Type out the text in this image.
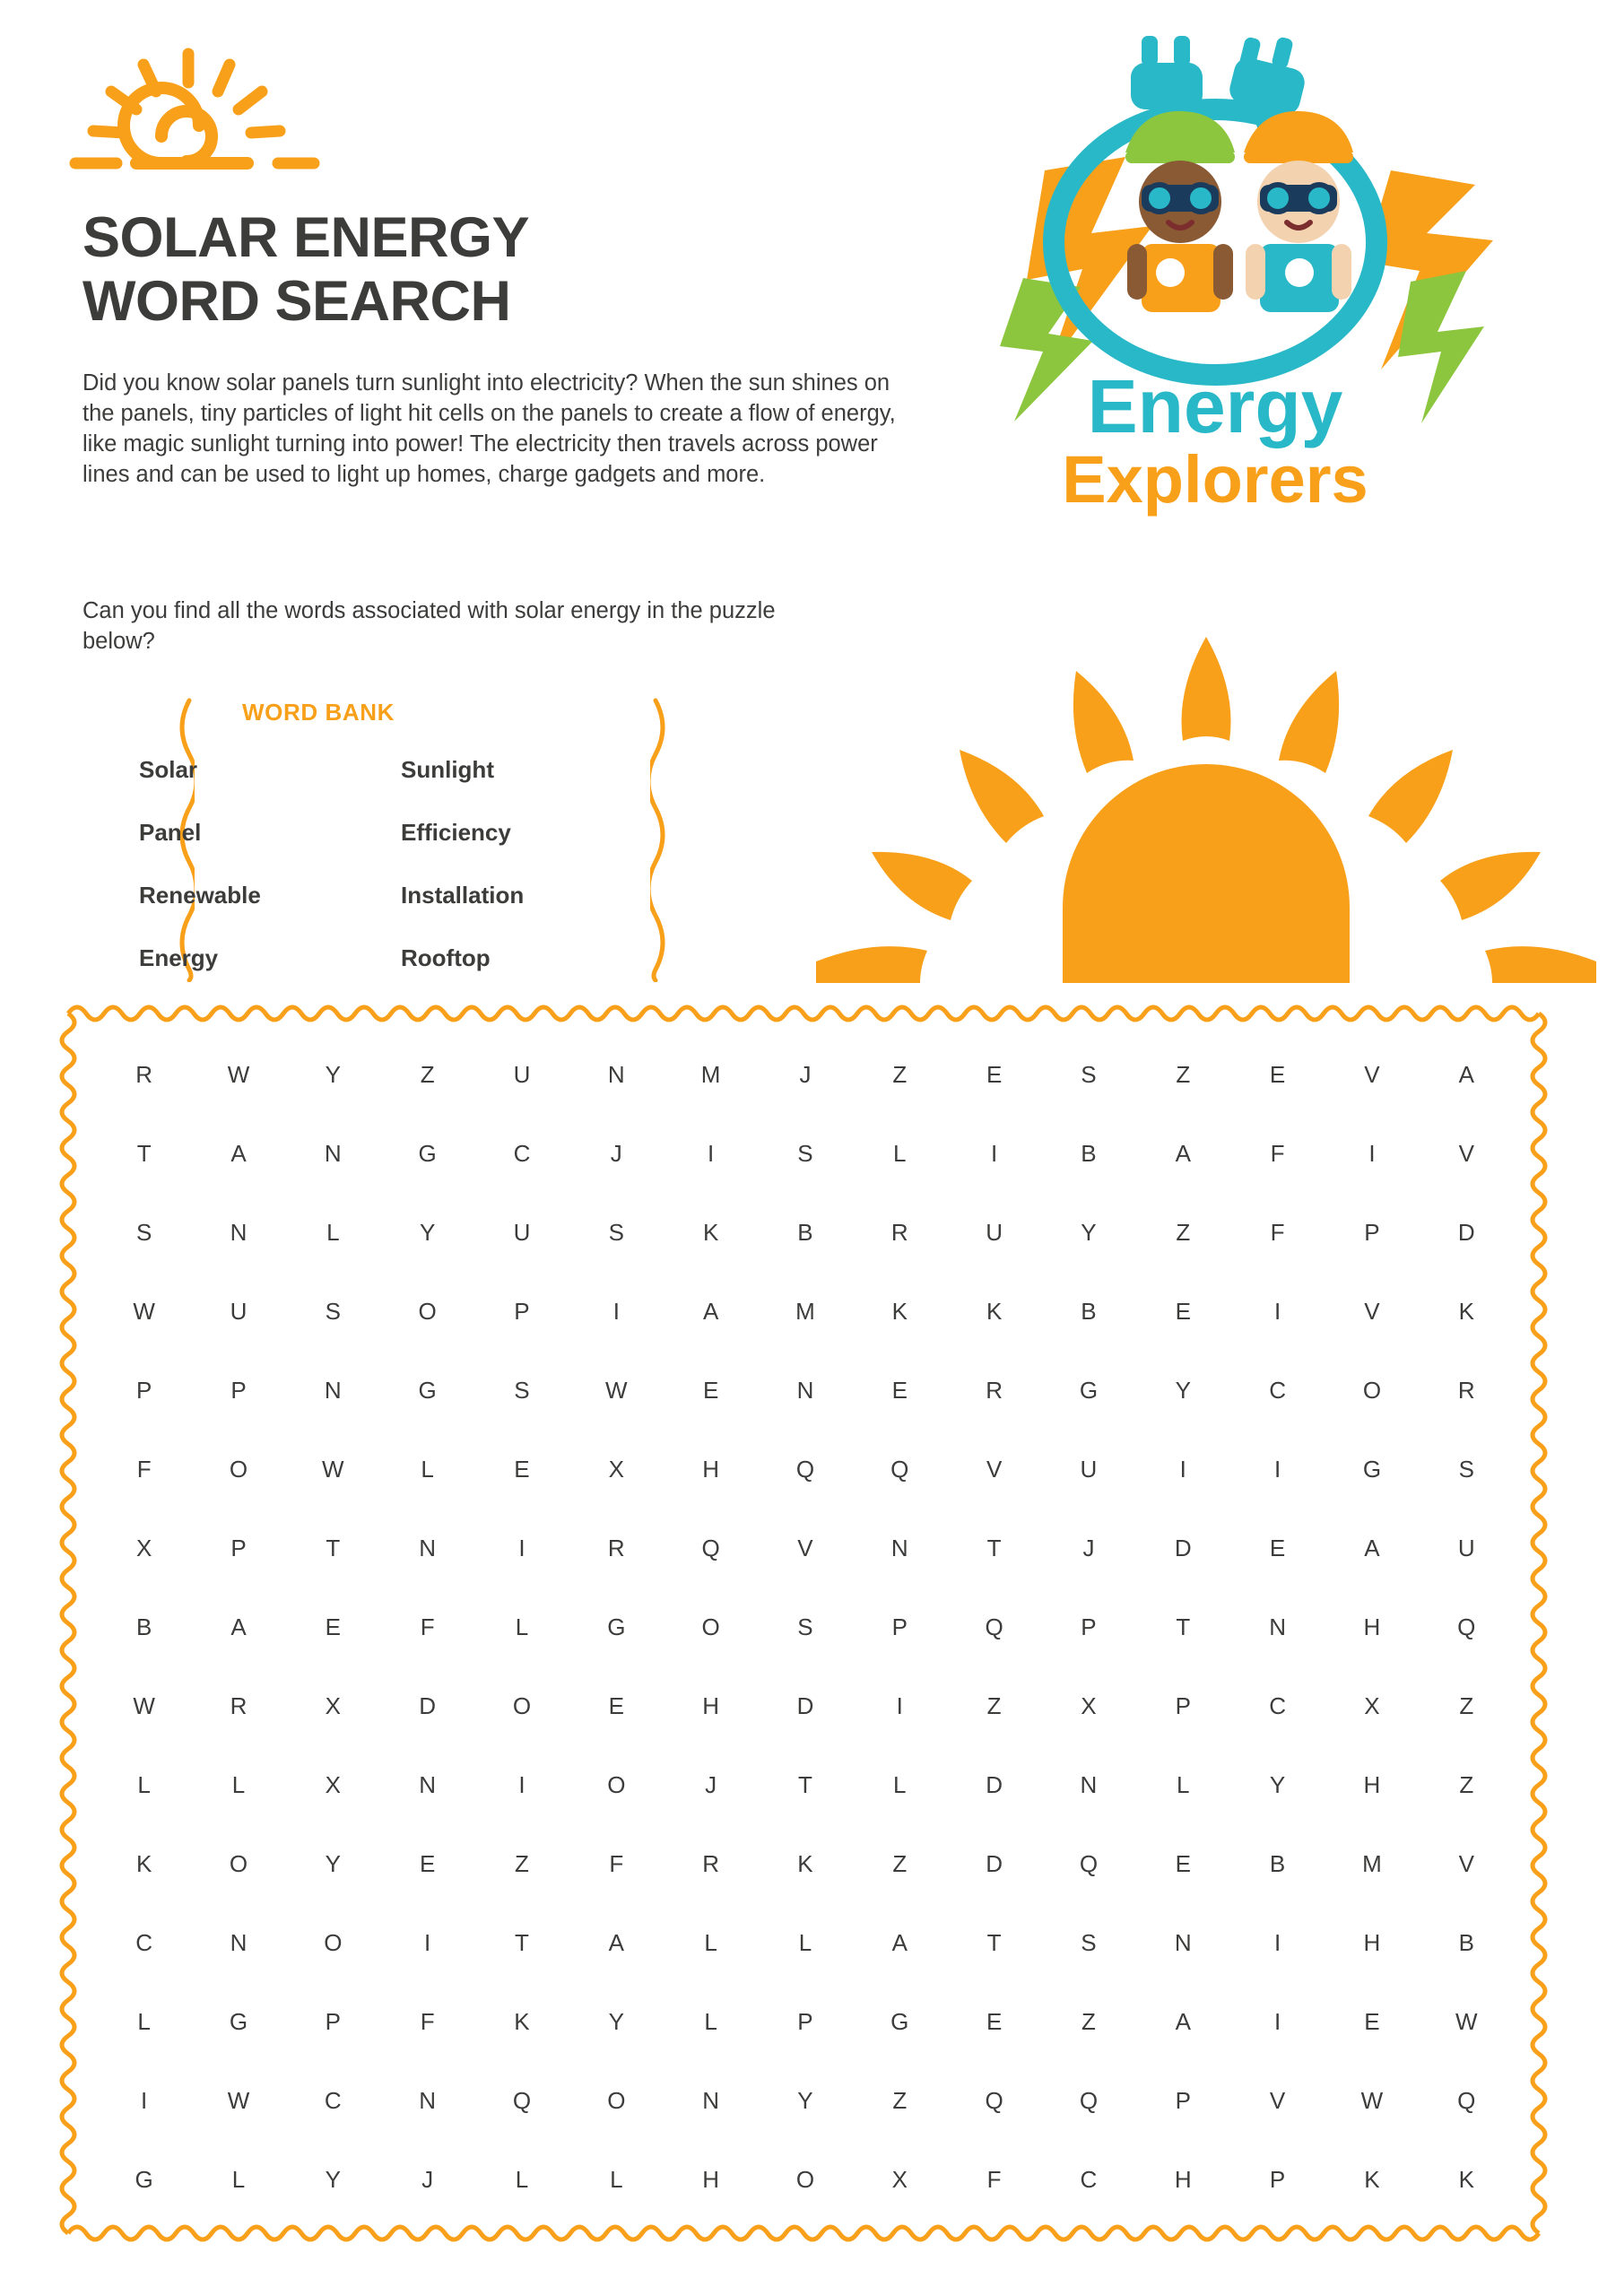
SOLAR ENERGY
WORD SEARCH
Did you know solar panels turn sunlight into electricity? When the sun shines on the panels, tiny particles of light hit cells on the panels to create a flow of energy, like magic sunlight turning into power! The electricity then travels across power lines and can be used to light up homes, charge gadgets and more.
Can you find all the words associated with solar energy in the puzzle below?
Energy
Explorers
WORD BANK
Solar
Panel
Renewable
Energy
Sunlight
Efficiency
Installation
Rooftop
R	W	Y	Z	U	N	M	J	Z	E	S	Z	E	V	A
T	A	N	G	C	J	I	S	L	I	B	A	F	I	V
S	N	L	Y	U	S	K	B	R	U	Y	Z	F	P	D
W	U	S	O	P	I	A	M	K	K	B	E	I	V	K
P	P	N	G	S	W	E	N	E	R	G	Y	C	O	R
F	O	W	L	E	X	H	Q	Q	V	U	I	I	G	S
X	P	T	N	I	R	Q	V	N	T	J	D	E	A	U
B	A	E	F	L	G	O	S	P	Q	P	T	N	H	Q
W	R	X	D	O	E	H	D	I	Z	X	P	C	X	Z
L	L	X	N	I	O	J	T	L	D	N	L	Y	H	Z
K	O	Y	E	Z	F	R	K	Z	D	Q	E	B	M	V
C	N	O	I	T	A	L	L	A	T	S	N	I	H	B
L	G	P	F	K	Y	L	P	G	E	Z	A	I	E	W
I	W	C	N	Q	O	N	Y	Z	Q	Q	P	V	W	Q
G	L	Y	J	L	L	H	O	X	F	C	H	P	K	K
